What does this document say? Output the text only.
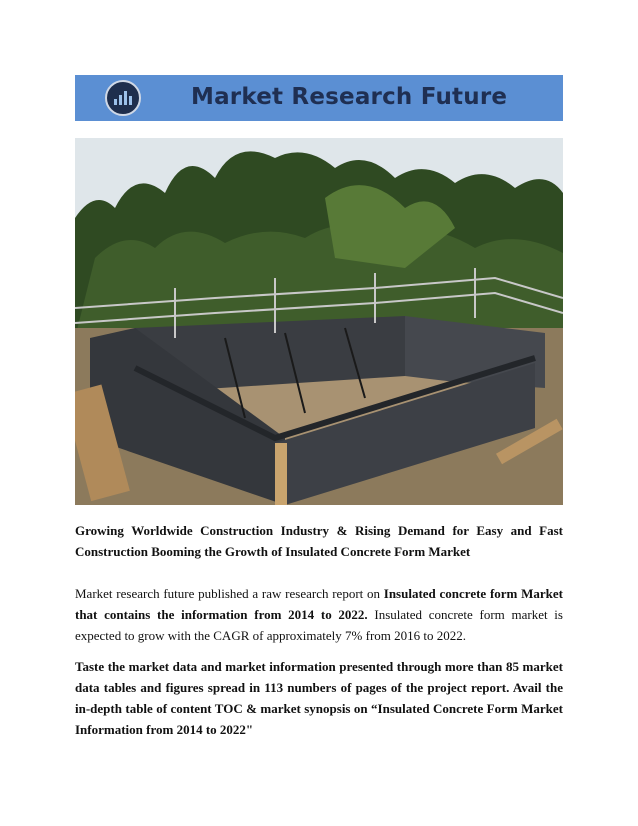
Market Research Future
Growing Worldwide Construction Industry & Rising Demand for Easy and Fast Construction Booming the Growth of Insulated Concrete Form Market
Market research future published a raw research report on Insulated concrete form Market that contains the information from 2014 to 2022. Insulated concrete form market is expected to grow with the CAGR of approximately 7% from 2016 to 2022.
Taste the market data and market information presented through more than 85 market data tables and figures spread in 113 numbers of pages of the project report. Avail the in-depth table of content TOC & market synopsis on “Insulated Concrete Form Market Information from 2014 to 2022"
